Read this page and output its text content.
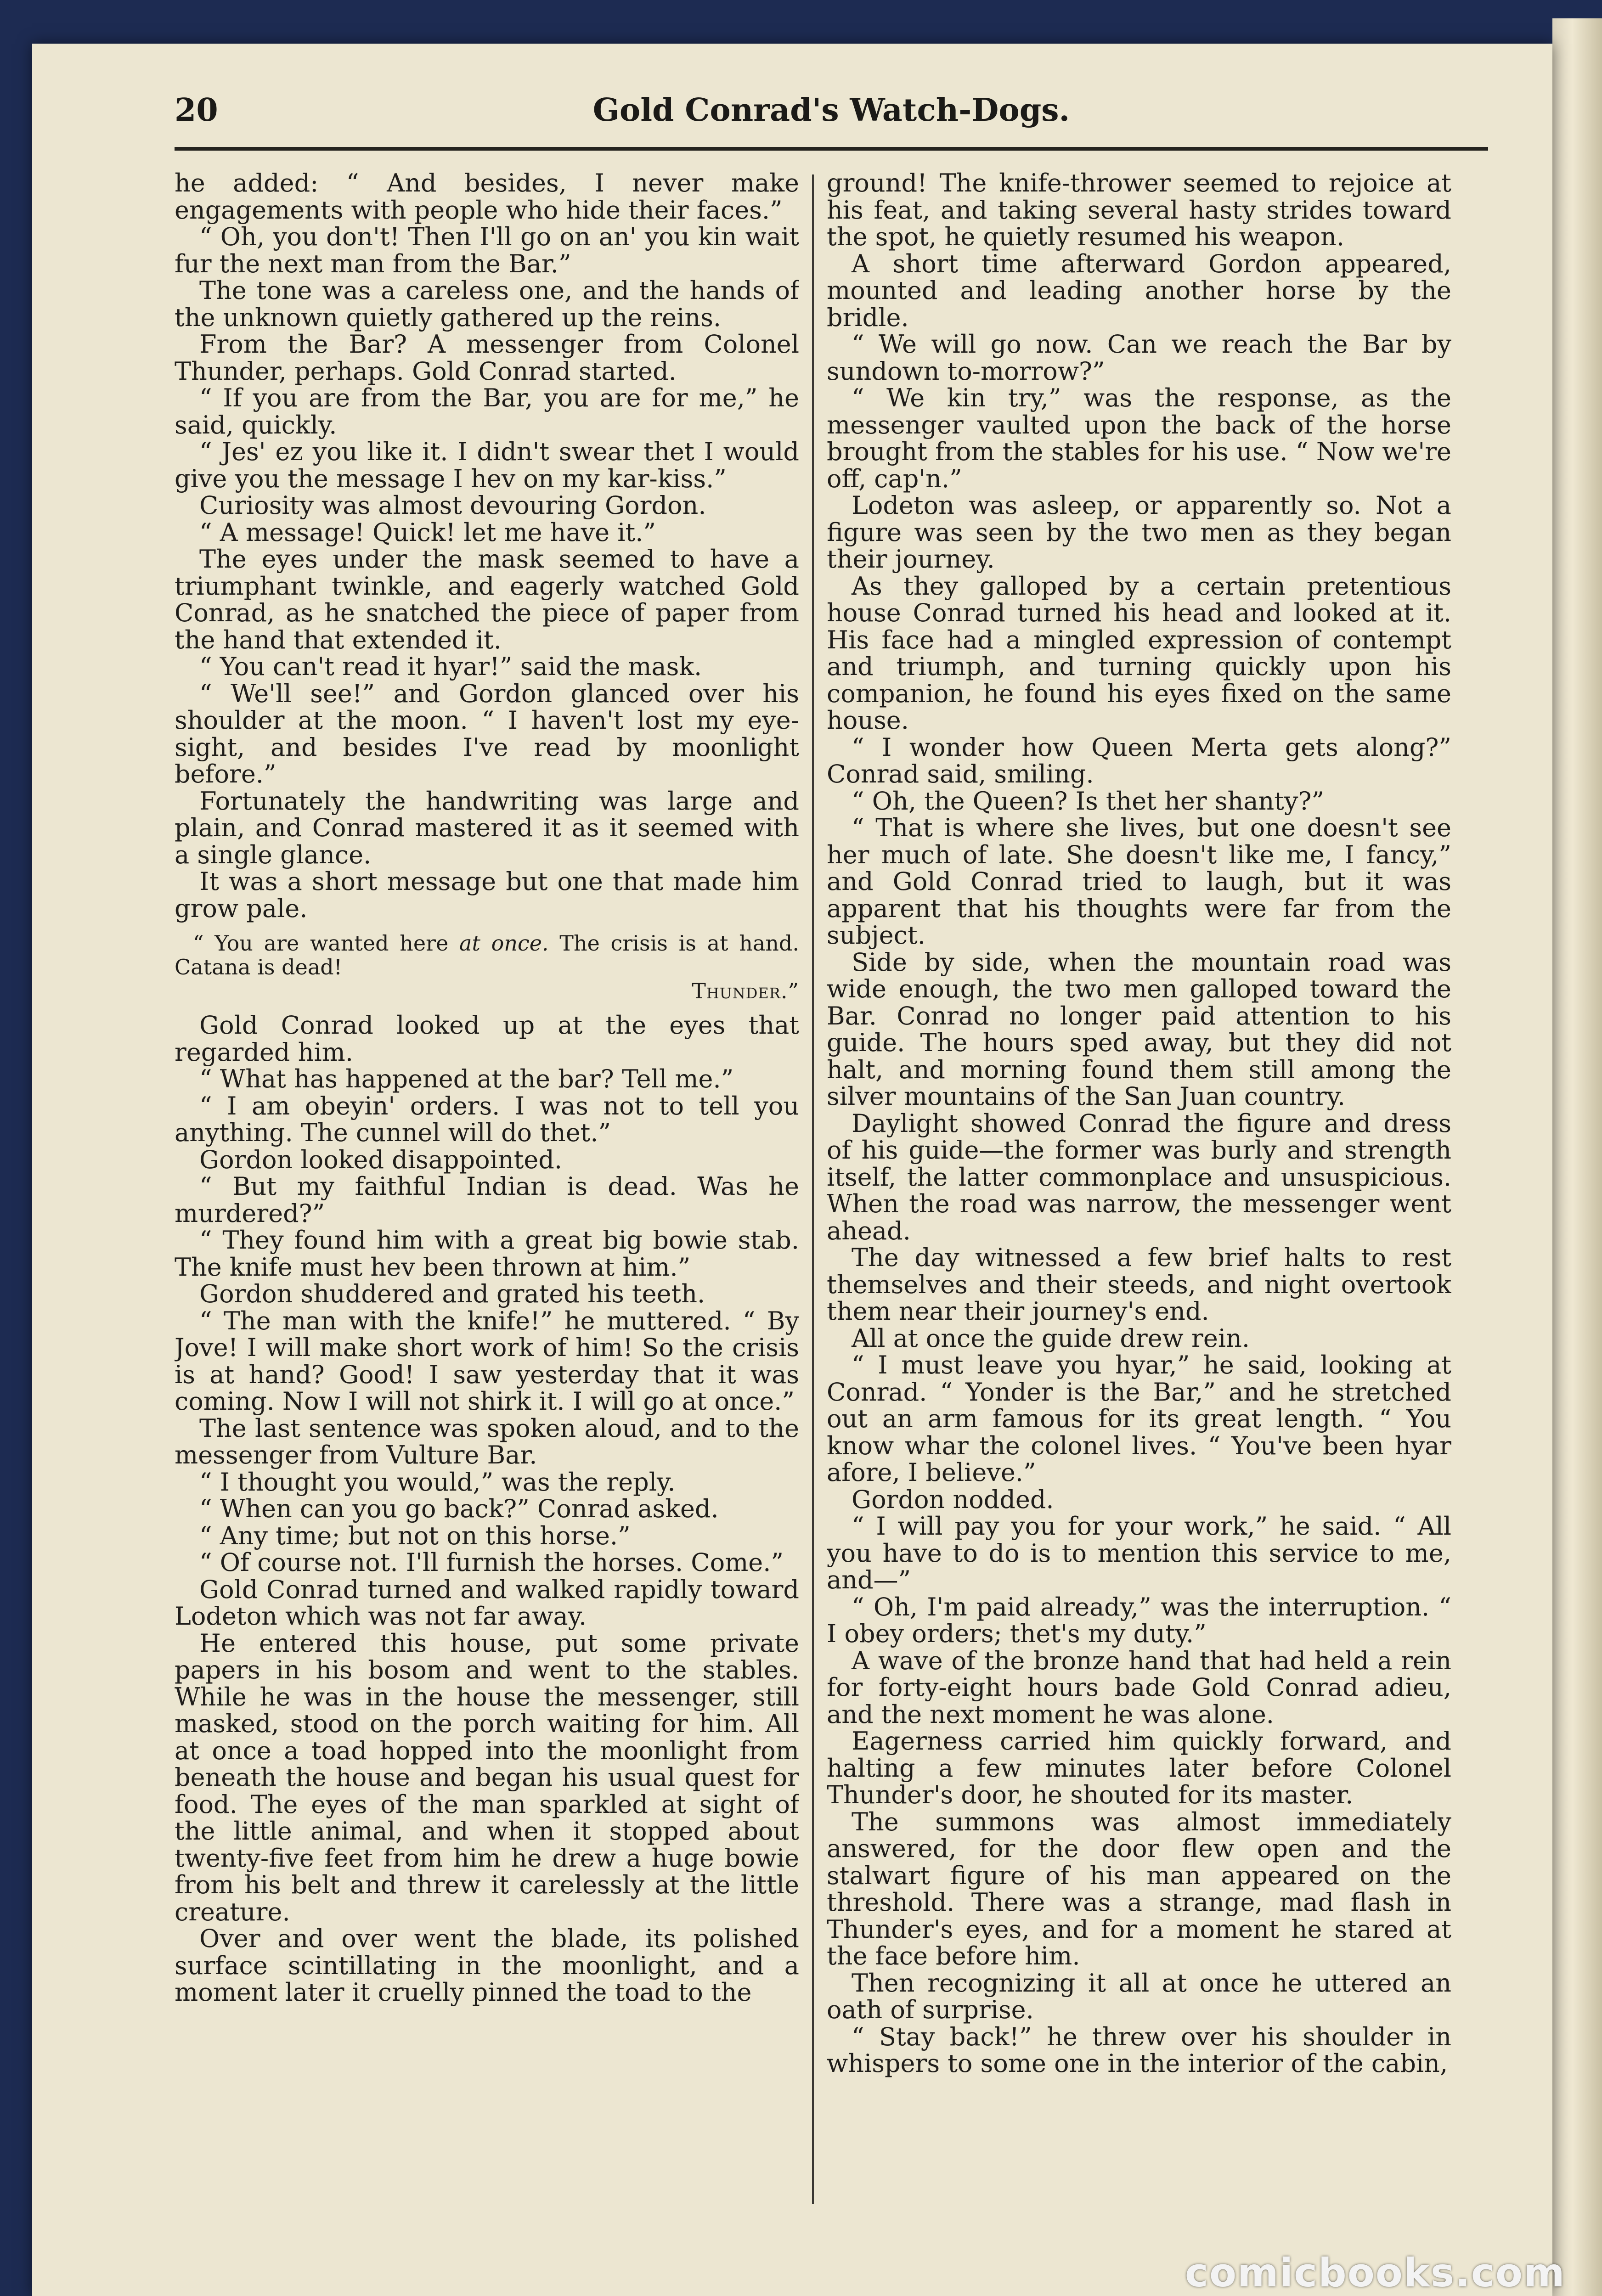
20	Gold Conrad's Watch-Dogs.

he added: “ And besides, I never make engagements with people who hide their faces.”

“ Oh, you don't! Then I'll go on an' you kin wait fur the next man from the Bar.”

The tone was a careless one, and the hands of the unknown quietly gathered up the reins.

From the Bar? A messenger from Colonel Thunder, perhaps. Gold Conrad started.

“ If you are from the Bar, you are for me,” he said, quickly.

“ Jes' ez you like it. I didn't swear thet I would give you the message I hev on my kar-kiss.”

Curiosity was almost devouring Gordon.

“ A message! Quick! let me have it.”

The eyes under the mask seemed to have a triumphant twinkle, and eagerly watched Gold Conrad, as he snatched the piece of paper from the hand that extended it.

“ You can't read it hyar!” said the mask.

“ We'll see!” and Gordon glanced over his shoulder at the moon. “ I haven't lost my eye-sight, and besides I've read by moonlight before.”

Fortunately the handwriting was large and plain, and Conrad mastered it as it seemed with a single glance.

It was a short message but one that made him grow pale.

“ You are wanted here at once. The crisis is at hand. Catana is dead!
Thunder.”

Gold Conrad looked up at the eyes that regarded him.

“ What has happened at the bar? Tell me.”

“ I am obeyin' orders. I was not to tell you anything. The cunnel will do thet.”

Gordon looked disappointed.

“ But my faithful Indian is dead. Was he murdered?”

“ They found him with a great big bowie stab. The knife must hev been thrown at him.”

Gordon shuddered and grated his teeth.

“ The man with the knife!” he muttered. “ By Jove! I will make short work of him! So the crisis is at hand? Good! I saw yesterday that it was coming. Now I will not shirk it. I will go at once.”

The last sentence was spoken aloud, and to the messenger from Vulture Bar.

“ I thought you would,” was the reply.

“ When can you go back?” Conrad asked.

“ Any time; but not on this horse.”

“ Of course not. I'll furnish the horses. Come.”

Gold Conrad turned and walked rapidly toward Lodeton which was not far away.

He entered this house, put some private papers in his bosom and went to the stables. While he was in the house the messenger, still masked, stood on the porch waiting for him. All at once a toad hopped into the moonlight from beneath the house and began his usual quest for food. The eyes of the man sparkled at sight of the little animal, and when it stopped about twenty-five feet from him he drew a huge bowie from his belt and threw it carelessly at the little creature.

Over and over went the blade, its polished surface scintillating in the moonlight, and a moment later it cruelly pinned the toad to the

ground! The knife-thrower seemed to rejoice at his feat, and taking several hasty strides toward the spot, he quietly resumed his weapon.

A short time afterward Gordon appeared, mounted and leading another horse by the bridle.

“ We will go now. Can we reach the Bar by sundown to-morrow?”

“ We kin try,” was the response, as the messenger vaulted upon the back of the horse brought from the stables for his use. “ Now we're off, cap'n.”

Lodeton was asleep, or apparently so. Not a figure was seen by the two men as they began their journey.

As they galloped by a certain pretentious house Conrad turned his head and looked at it. His face had a mingled expression of contempt and triumph, and turning quickly upon his companion, he found his eyes fixed on the same house.

“ I wonder how Queen Merta gets along?” Conrad said, smiling.

“ Oh, the Queen? Is thet her shanty?”

“ That is where she lives, but one doesn't see her much of late. She doesn't like me, I fancy,” and Gold Conrad tried to laugh, but it was apparent that his thoughts were far from the subject.

Side by side, when the mountain road was wide enough, the two men galloped toward the Bar. Conrad no longer paid attention to his guide. The hours sped away, but they did not halt, and morning found them still among the silver mountains of the San Juan country.

Daylight showed Conrad the figure and dress of his guide—the former was burly and strength itself, the latter commonplace and unsuspicious. When the road was narrow, the messenger went ahead.

The day witnessed a few brief halts to rest themselves and their steeds, and night overtook them near their journey's end.

All at once the guide drew rein.

“ I must leave you hyar,” he said, looking at Conrad. “ Yonder is the Bar,” and he stretched out an arm famous for its great length. “ You know whar the colonel lives. “ You've been hyar afore, I believe.”

Gordon nodded.

“ I will pay you for your work,” he said. “ All you have to do is to mention this service to me, and—”

“ Oh, I'm paid already,” was the interruption. “ I obey orders; thet's my duty.”

A wave of the bronze hand that had held a rein for forty-eight hours bade Gold Conrad adieu, and the next moment he was alone.

Eagerness carried him quickly forward, and halting a few minutes later before Colonel Thunder's door, he shouted for its master.

The summons was almost immediately answered, for the door flew open and the stalwart figure of his man appeared on the threshold. There was a strange, mad flash in Thunder's eyes, and for a moment he stared at the face before him.

Then recognizing it all at once he uttered an oath of surprise.

“ Stay back!” he threw over his shoulder in whispers to some one in the interior of the cabin,

comicbooks.com
